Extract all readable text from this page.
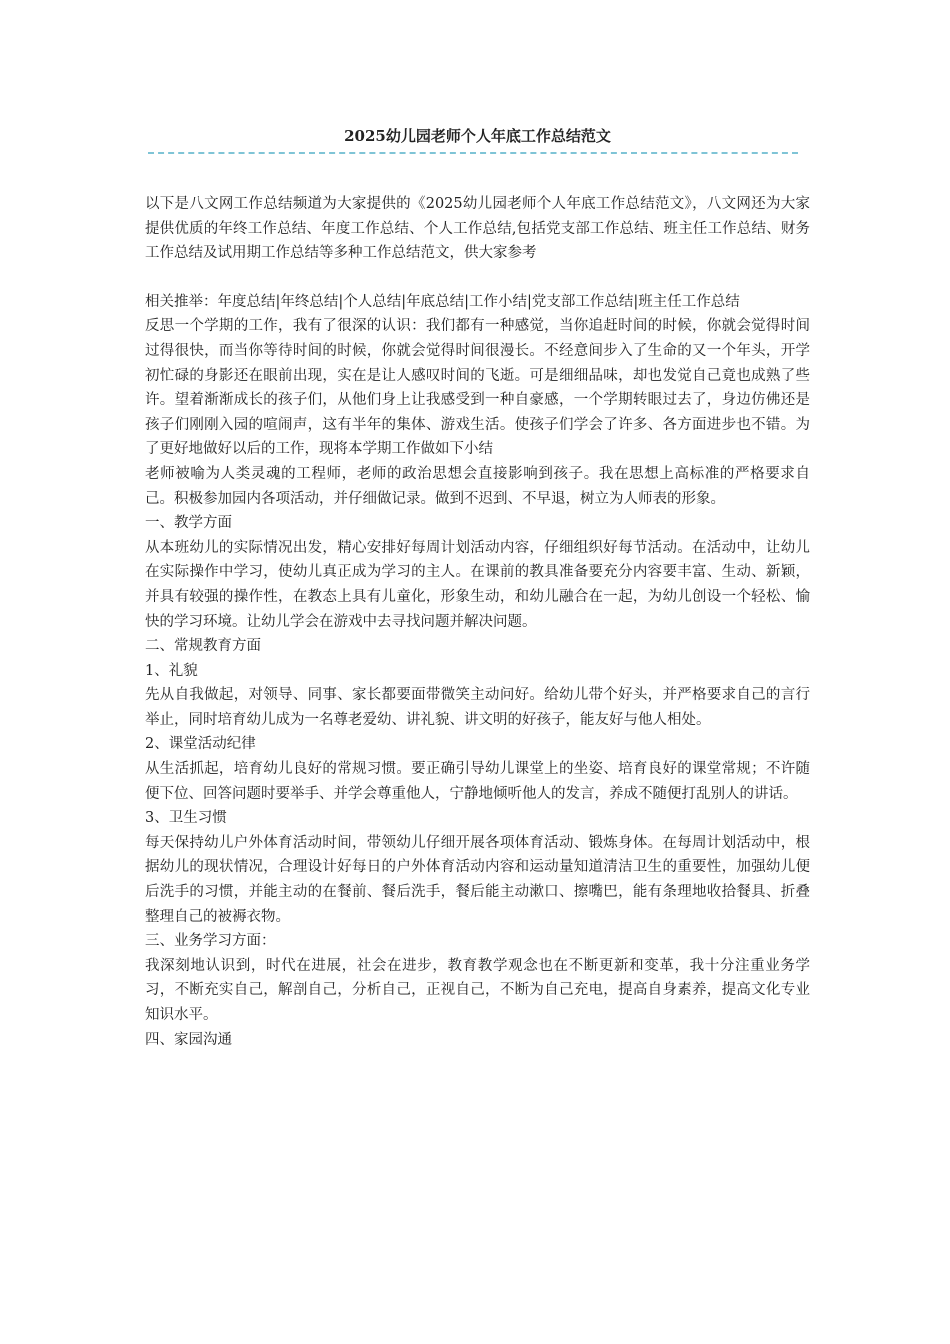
2025幼儿园老师个人年底工作总结范文

以下是八文网工作总结频道为大家提供的《2025幼儿园老师个人年底工作总结范文》，八文网还为大家提供优质的年终工作总结、年度工作总结、个人工作总结,包括党支部工作总结、班主任工作总结、财务工作总结及试用期工作总结等多种工作总结范文，供大家参考

相关推举：年度总结|年终总结|个人总结|年底总结|工作小结|党支部工作总结|班主任工作总结

反思一个学期的工作，我有了很深的认识：我们都有一种感觉，当你追赶时间的时候，你就会觉得时间过得很快，而当你等待时间的时候，你就会觉得时间很漫长。不经意间步入了生命的又一个年头，开学初忙碌的身影还在眼前出现，实在是让人感叹时间的飞逝。可是细细品味，却也发觉自己竟也成熟了些许。望着渐渐成长的孩子们，从他们身上让我感受到一种自豪感，一个学期转眼过去了，身边仿佛还是孩子们刚刚入园的喧闹声，这有半年的集体、游戏生活。使孩子们学会了许多、各方面进步也不错。为了更好地做好以后的工作，现将本学期工作做如下小结

老师被喻为人类灵魂的工程师，老师的政治思想会直接影响到孩子。我在思想上高标准的严格要求自己。积极参加园内各项活动，并仔细做记录。做到不迟到、不早退，树立为人师表的形象。

一、教学方面

从本班幼儿的实际情况出发，精心安排好每周计划活动内容，仔细组织好每节活动。在活动中，让幼儿在实际操作中学习，使幼儿真正成为学习的主人。在课前的教具准备要充分内容要丰富、生动、新颖，并具有较强的操作性，在教态上具有儿童化，形象生动，和幼儿融合在一起，为幼儿创设一个轻松、愉快的学习环境。让幼儿学会在游戏中去寻找问题并解决问题。

二、常规教育方面

1、礼貌

先从自我做起，对领导、同事、家长都要面带微笑主动问好。给幼儿带个好头，并严格要求自己的言行举止，同时培育幼儿成为一名尊老爱幼、讲礼貌、讲文明的好孩子，能友好与他人相处。

2、课堂活动纪律

从生活抓起，培育幼儿良好的常规习惯。要正确引导幼儿课堂上的坐姿、培育良好的课堂常规；不许随便下位、回答问题时要举手、并学会尊重他人，宁静地倾听他人的发言，养成不随便打乱别人的讲话。

3、卫生习惯

每天保持幼儿户外体育活动时间，带领幼儿仔细开展各项体育活动、锻炼身体。在每周计划活动中，根据幼儿的现状情况，合理设计好每日的户外体育活动内容和运动量知道清洁卫生的重要性，加强幼儿便后洗手的习惯，并能主动的在餐前、餐后洗手，餐后能主动漱口、擦嘴巴，能有条理地收拾餐具、折叠整理自己的被褥衣物。

三、业务学习方面：

我深刻地认识到，时代在进展，社会在进步，教育教学观念也在不断更新和变革，我十分注重业务学习，不断充实自己，解剖自己，分析自己，正视自己，不断为自己充电，提高自身素养，提高文化专业知识水平。

四、家园沟通
